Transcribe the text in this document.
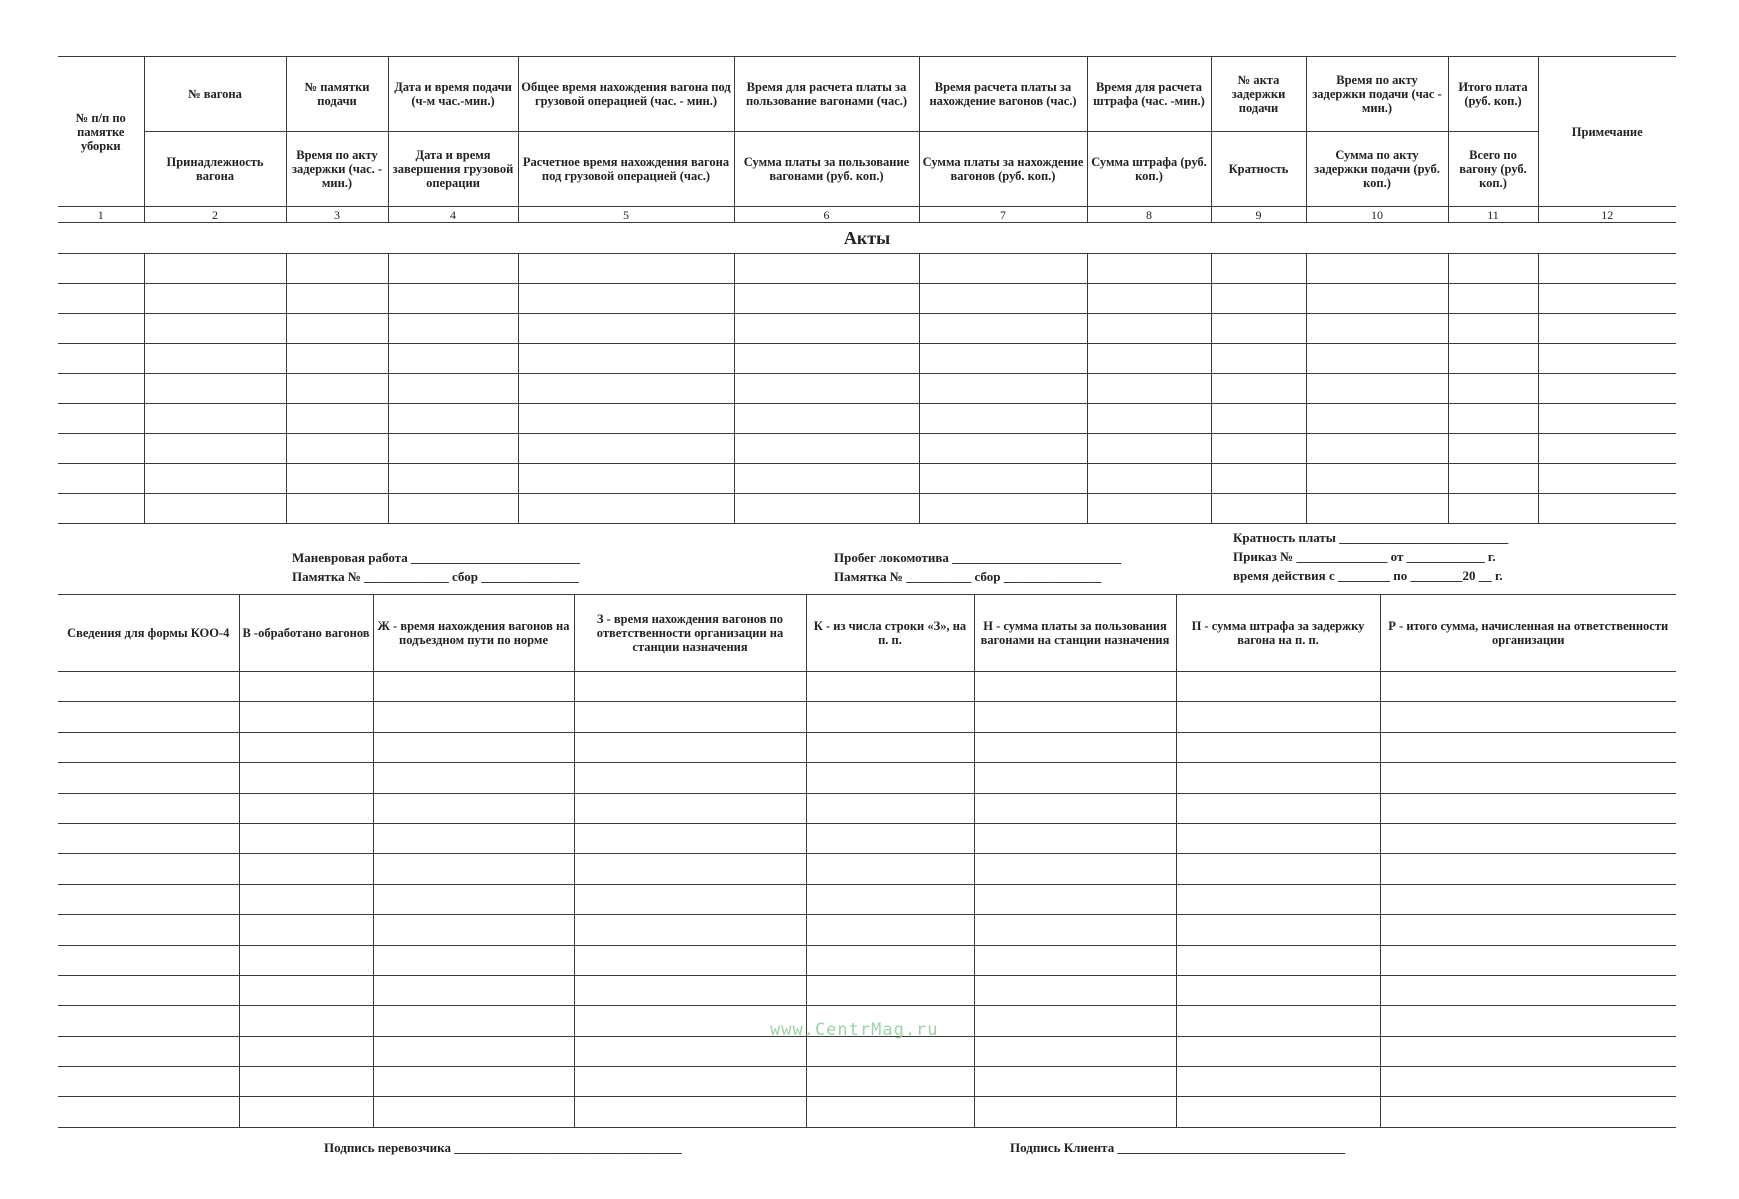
№ п/п по памятке уборки	№ вагона	№ памятки подачи	Дата и время подачи (ч-м час.-мин.)	Общее время нахождения вагона под грузовой операцией (час. - мин.)	Время для расчета платы за пользование вагонами (час.)	Время расчета платы за нахождение вагонов (час.)	Время для расчета штрафа (час. -мин.)	№ акта задержки подачи	Время по акту задержки подачи (час - мин.)	Итого плата (руб. коп.)	Примечание
	Принадлежность вагона	Время по акту задержки (час. - мин.)	Дата и время завершения грузовой операции	Расчетное время нахождения вагона под грузовой операцией (час.)	Сумма платы за пользование вагонами (руб. коп.)	Сумма платы за нахождение вагонов (руб. коп.)	Сумма штрафа (руб. коп.)	Кратность	Сумма по акту задержки подачи (руб. коп.)	Всего по вагону (руб. коп.)	
1	2	3	4	5	6	7	8	9	10	11	12
Акты											

Маневровая работа __________________________
Памятка № _____________ сбор _______________
Пробег локомотива __________________________
Памятка № __________ сбор _______________
Кратность платы __________________________
Приказ № ______________ от ____________ г.
время действия с ________ по ________20 __ г.
Сведения для формы КОО-4	В -обработано вагонов	Ж - время нахождения вагонов на подъездном пути по норме	З - время нахождения вагонов по ответственности организации на станции назначения	К - из числа строки «З», на п. п.	Н - сумма платы за пользования вагонами на станции назначения	П - сумма штрафа за задержку вагона на п. п.	Р - итого сумма, начисленная на ответственности организации

Подпись перевозчика ___________________________________	Подпись Клиента ___________________________________
www.CentrMag.ru
